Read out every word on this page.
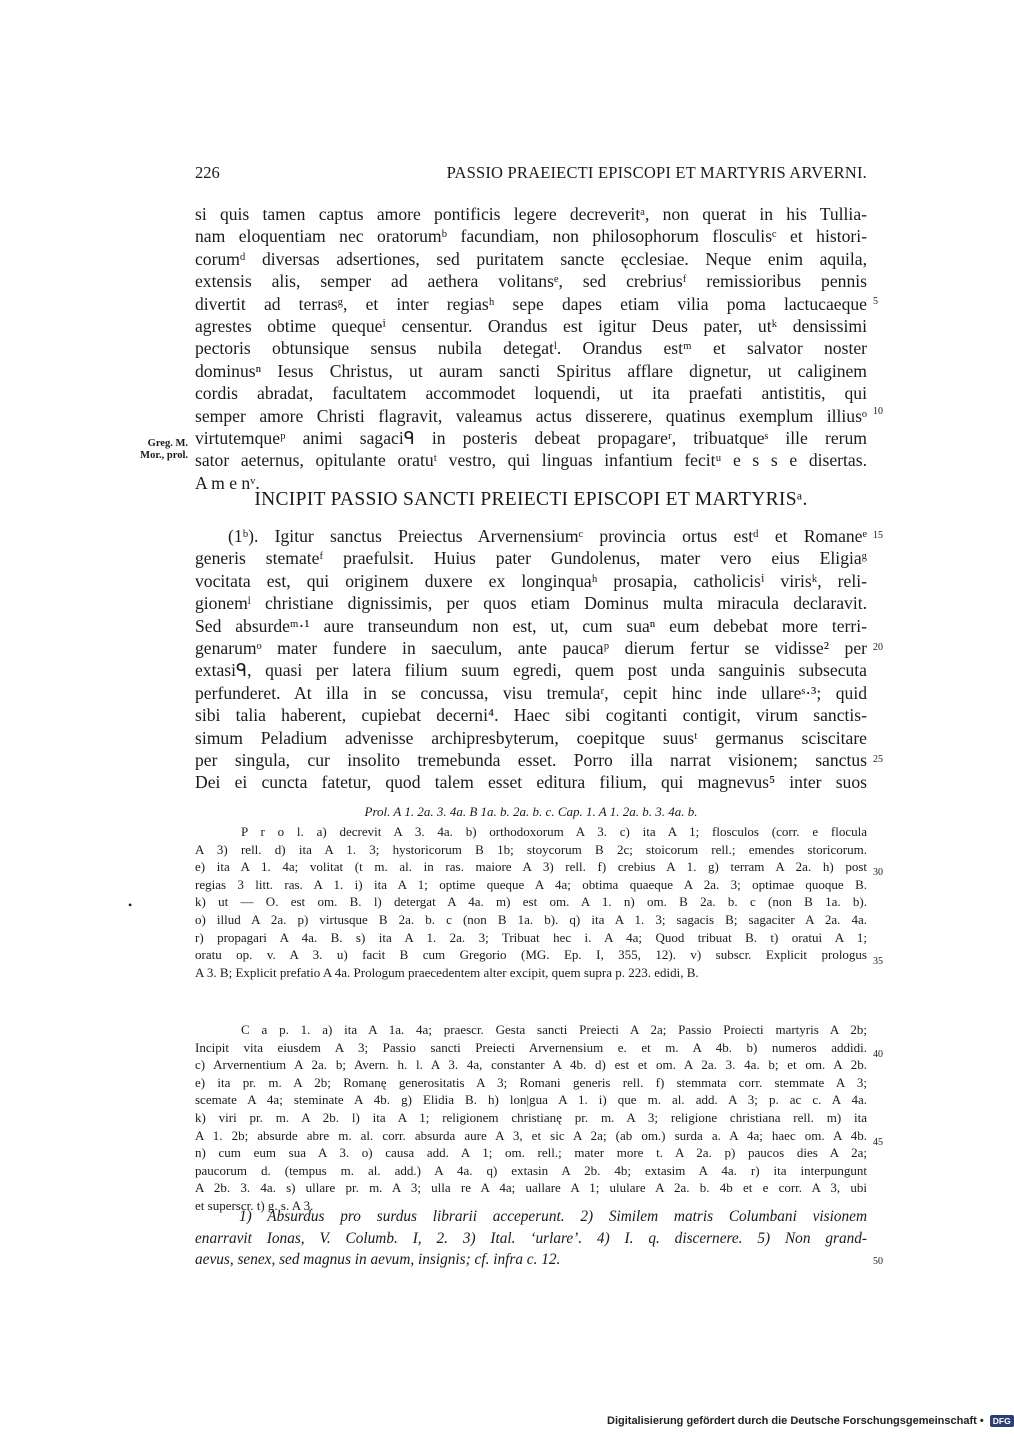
226	PASSIO PRAEIECTI EPISCOPI ET MARTYRIS ARVERNI.
si quis tamen captus amore pontificis legere decreveritᵃ, non querat in his Tullia-
nam eloquentiam nec oratorumᵇ facundiam, non philosophorum flosculisᶜ et histori-
corumᵈ diversas adsertiones, sed puritatem sancte ęcclesiae. Neque enim aquila,
extensis alis, semper ad aethera volitansᵉ, sed crebriusᶠ remissioribus pennis
divertit ad terrasᵍ, et inter regiasʰ sepe dapes etiam vilia poma lactucaeque
agrestes obtime quequeⁱ censentur. Orandus est igitur Deus pater, utᵏ densissimi
pectoris obtunsique sensus nubila detegatˡ. Orandus estᵐ et salvator noster
dominusⁿ Iesus Christus, ut auram sancti Spiritus afflare dignetur, ut caliginem
cordis abradat, facultatem accommodet loquendi, ut ita praefati antistitis, qui
semper amore Christi flagravit, valeamus actus disserere, quatinus exemplum illiusᵒ
virtutemqueᵖ animi sagaciᑫ in posteris debeat propagareʳ, tribuatqueˢ ille rerum
sator aeternus, opitulante oratuᵗ vestro, qui linguas infantium fecitᵘ e s s e disertas.
A m e nᵛ.
Greg. M.
Mor., prol.
INCIPIT PASSIO SANCTI PREIECTI EPISCOPI ET MARTYRISᵃ.
(1ᵇ). Igitur sanctus Preiectus Arvernensiumᶜ provincia ortus estᵈ et Romaneᵉ
generis stemateᶠ praefulsit. Huius pater Gundolenus, mater vero eius Eligiaᵍ
vocitata est, qui originem duxere ex longinquaʰ prosapia, catholicisⁱ virisᵏ, reli-
gionemˡ christiane dignissimis, per quos etiam Dominus multa miracula declaravit.
Sed absurdeᵐ·¹ aure transeundum non est, ut, cum suaⁿ eum debebat more terri-
genarumᵒ mater fundere in saeculum, ante paucaᵖ dierum fertur se vidisse² per
extasiᑫ, quasi per latera filium suum egredi, quem post unda sanguinis subsecuta
perfunderet. At illa in se concussa, visu tremulaʳ, cepit hinc inde ullareˢ·³; quid
sibi talia haberent, cupiebat decerni⁴. Haec sibi cogitanti contigit, virum sanctis-
simum Peladium advenisse archipresbyterum, coepitque suusᵗ germanus sciscitare
per singula, cur insolito tremebunda esset. Porro illa narrat visionem; sanctus
Dei ei cuncta fatetur, quod talem esset editura filium, qui magnevus⁵ inter suos
5
10
15
20
25
30
35
40
45
50
•
Prol. A 1. 2a. 3. 4a. B 1a. b. 2a. b. c. Cap. 1. A 1. 2a. b. 3. 4a. b.
P r o l. a) decrevit A 3. 4a. b) orthodoxorum A 3. c) ita A 1; flosculos (corr. e flocula
A 3) rell. d) ita A 1. 3; hystoricorum B 1b; stoycorum B 2c; stoicorum rell.; emendes storicorum.
e) ita A 1. 4a; volitat (t m. al. in ras. maiore A 3) rell. f) crebius A 1. g) terram A 2a. h) post
regias 3 litt. ras. A 1. i) ita A 1; optime queque A 4a; obtima quaeque A 2a. 3; optimae quoque B.
k) ut — O. est om. B. l) detergat A 4a. m) est om. A 1. n) om. B 2a. b. c (non B 1a. b).
o) illud A 2a. p) virtusque B 2a. b. c (non B 1a. b). q) ita A 1. 3; sagacis B; sagaciter A 2a. 4a.
r) propagari A 4a. B. s) ita A 1. 2a. 3; Tribuat hec i. A 4a; Quod tribuat B. t) oratui A 1;
oratu op. v. A 3. u) facit B cum Gregorio (MG. Ep. I, 355, 12). v) subscr. Explicit prologus
A 3. B; Explicit prefatio A 4a. Prologum praecedentem alter excipit, quem supra p. 223. edidi, B.
C a p. 1. a) ita A 1a. 4a; praescr. Gesta sancti Preiecti A 2a; Passio Proiecti martyris A 2b;
Incipit vita eiusdem A 3; Passio sancti Preiecti Arvernensium e. et m. A 4b. b) numeros addidi.
c) Arvernentium A 2a. b; Avern. h. l. A 3. 4a, constanter A 4b. d) est et om. A 2a. 3. 4a. b; et om. A 2b.
e) ita pr. m. A 2b; Romanę generositatis A 3; Romani generis rell. f) stemmata corr. stemmate A 3;
scemate A 4a; steminate A 4b. g) Elidia B. h) lon|gua A 1. i) que m. al. add. A 3; p. ac c. A 4a.
k) viri pr. m. A 2b. l) ita A 1; religionem christianę pr. m. A 3; religione christiana rell. m) ita
A 1. 2b; absurde abre m. al. corr. absurda aure A 3, et sic A 2a; (ab om.) surda a. A 4a; haec om. A 4b.
n) cum eum sua A 3. o) causa add. A 1; om. rell.; mater more t. A 2a. p) paucos dies A 2a;
paucorum d. (tempus m. al. add.) A 4a. q) extasin A 2b. 4b; extasim A 4a. r) ita interpungunt
A 2b. 3. 4a. s) ullare pr. m. A 3; ulla re A 4a; uallare A 1; ululare A 2a. b. 4b et e corr. A 3, ubi
et superscr. t) g. s. A 3.
1) Absurdus pro surdus librarii acceperunt. 2) Similem matris Columbani visionem
enarravit Ionas, V. Columb. I, 2. 3) Ital. ‘urlare’. 4) I. q. discernere. 5) Non grand-
aevus, senex, sed magnus in aevum, insignis; cf. infra c. 12.
Digitalisierung gefördert durch die Deutsche Forschungsgemeinschaft • DFG
